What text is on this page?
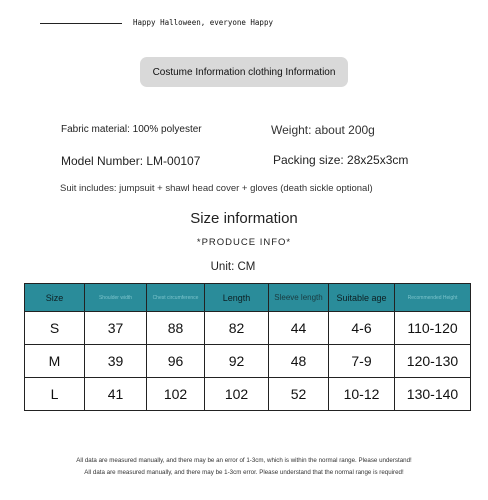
Happy Halloween, everyone Happy
Costume Information clothing Information
Fabric material: 100% polyester	Weight: about 200g
Model Number: LM-00107	Packing size: 28x25x3cm
Suit includes: jumpsuit + shawl head cover + gloves (death sickle optional)
Size information
*PRODUCE INFO*
Unit: CM
Size	Shoulder width	Chest circumference	Length	Sleeve length	Suitable age	Recommended Height
S	37	88	82	44	4-6	110-120
M	39	96	92	48	7-9	120-130
L	41	102	102	52	10-12	130-140
All data are measured manually, and there may be an error of 1-3cm, which is within the normal range. Please understand!
All data are measured manually, and there may be 1-3cm error. Please understand that the normal range is required!
